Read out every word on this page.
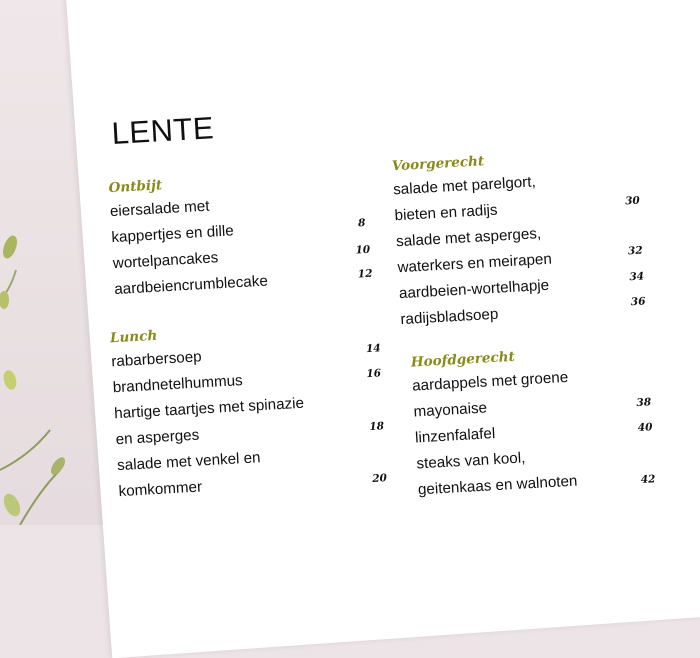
LENTE
Ontbijt
eiersalade met
kappertjes en dille
wortelpancakes
aardbeiencrumblecake
8
10
12
Lunch
rabarbersoep
brandnetelhummus
hartige taartjes met spinazie
en asperges
salade met venkel en
komkommer
14
16
18
20
Voorgerecht
salade met parelgort,
bieten en radijs
salade met asperges,
waterkers en meirapen
aardbeien-wortelhapje
radijsbladsoep
30
32
34
36
Hoofdgerecht
aardappels met groene
mayonaise
linzenfalafel
steaks van kool,
geitenkaas en walnoten
38
40
42
